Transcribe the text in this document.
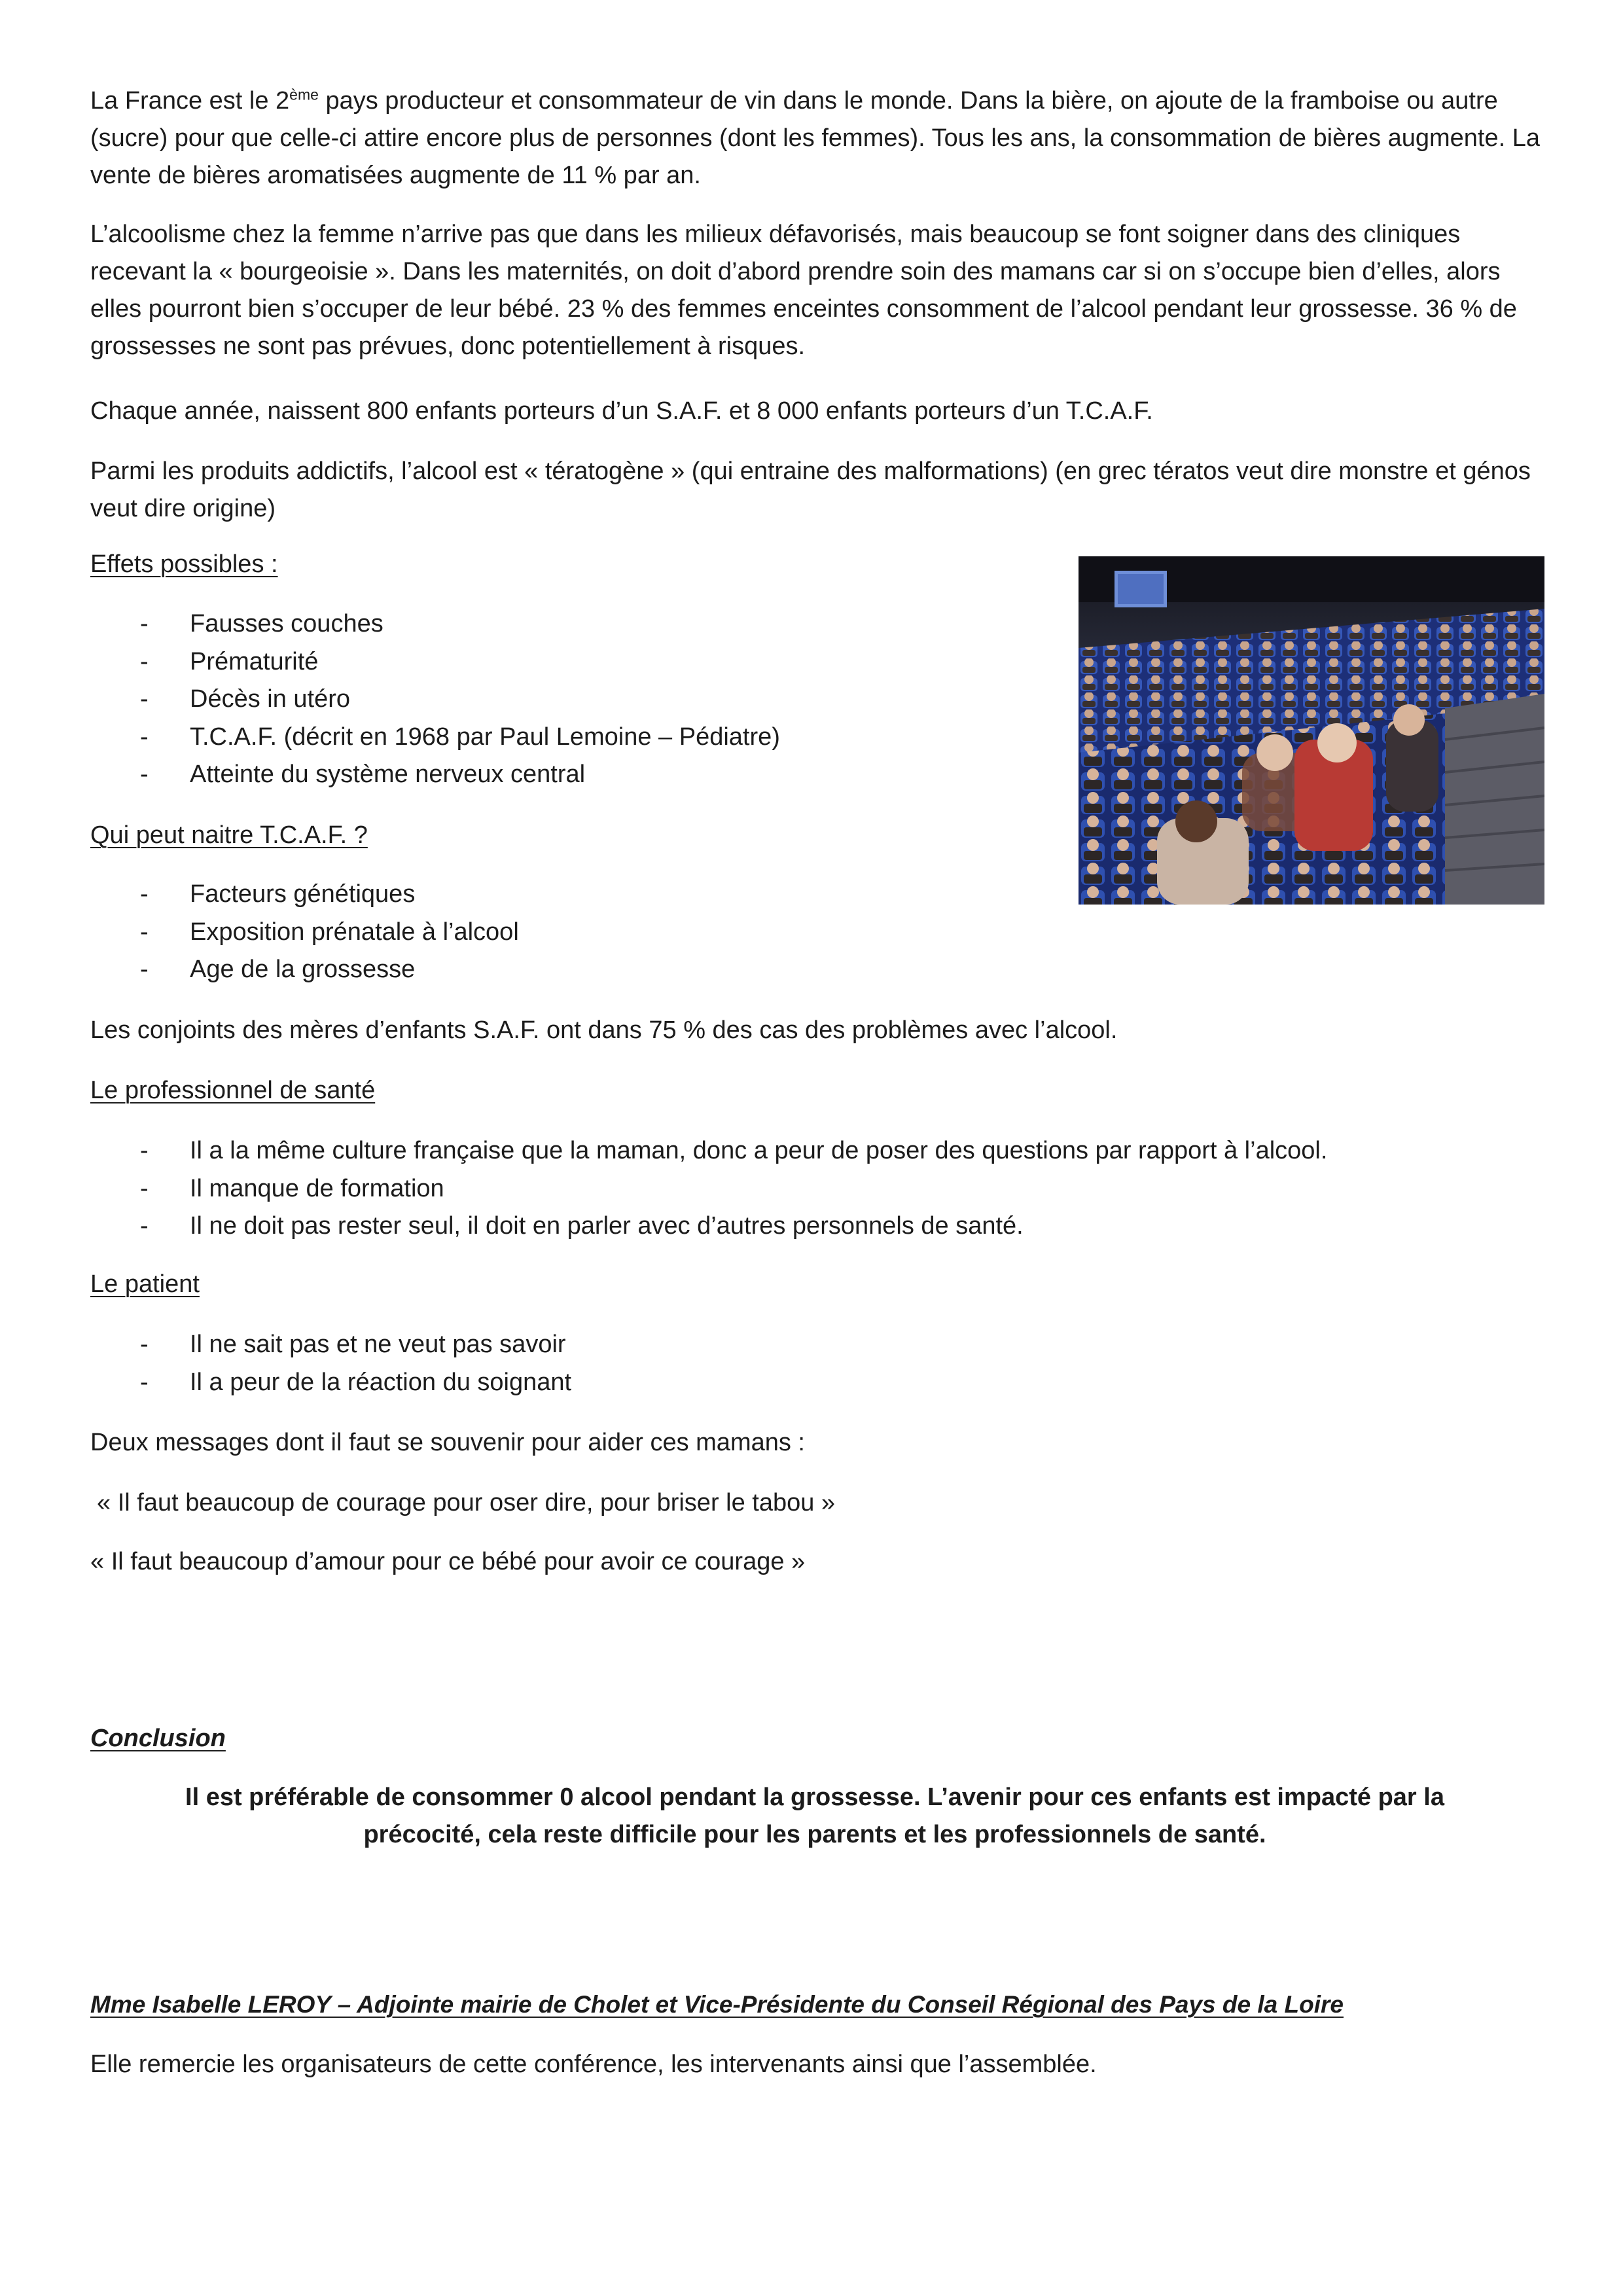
La France est le 2ème pays producteur et consommateur de vin dans le monde. Dans la bière, on ajoute de la framboise ou autre (sucre) pour que celle-ci attire encore plus de personnes (dont les femmes). Tous les ans, la consommation de bières augmente. La vente de bières aromatisées augmente de 11 % par an.

L’alcoolisme chez la femme n’arrive pas que dans les milieux défavorisés, mais beaucoup se font soigner dans des cliniques recevant la « bourgeoisie ». Dans les maternités, on doit d’abord prendre soin des mamans car si on s’occupe bien d’elles, alors elles pourront bien s’occuper de leur bébé. 23 % des femmes enceintes consomment de l’alcool pendant leur grossesse. 36 % de grossesses ne sont pas prévues, donc potentiellement à risques.

Chaque année, naissent 800 enfants porteurs d’un S.A.F. et 8 000 enfants porteurs d’un T.C.A.F.

Parmi les produits addictifs, l’alcool est « tératogène » (qui entraine des malformations) (en grec tératos veut dire monstre et génos veut dire origine)

Effets possibles :

- Fausses couches
- Prématurité
- Décès in utéro
- T.C.A.F. (décrit en 1968 par Paul Lemoine – Pédiatre)
- Atteinte du système nerveux central

Qui peut naitre T.C.A.F. ?

- Facteurs génétiques
- Exposition prénatale à l’alcool
- Age de la grossesse

Les conjoints des mères d’enfants S.A.F. ont dans 75 % des cas des problèmes avec l’alcool.

Le professionnel de santé

- Il a la même culture française que la maman, donc a peur de poser des questions par rapport à l’alcool.
- Il manque de formation
- Il ne doit pas rester seul, il doit en parler avec d’autres personnels de santé.

Le patient

- Il ne sait pas et ne veut pas savoir
- Il a peur de la réaction du soignant

Deux messages dont il faut se souvenir pour aider ces mamans :

« Il faut beaucoup de courage pour oser dire, pour briser le tabou »

« Il faut beaucoup d’amour pour ce bébé pour avoir ce courage »

Conclusion

Il est préférable de consommer 0 alcool pendant la grossesse. L’avenir pour ces enfants est impacté par la précocité, cela reste difficile pour les parents et les professionnels de santé.

Mme Isabelle LEROY – Adjointe mairie de Cholet et Vice-Présidente du Conseil Régional des Pays de la Loire

Elle remercie les organisateurs de cette conférence, les intervenants ainsi que l’assemblée.
